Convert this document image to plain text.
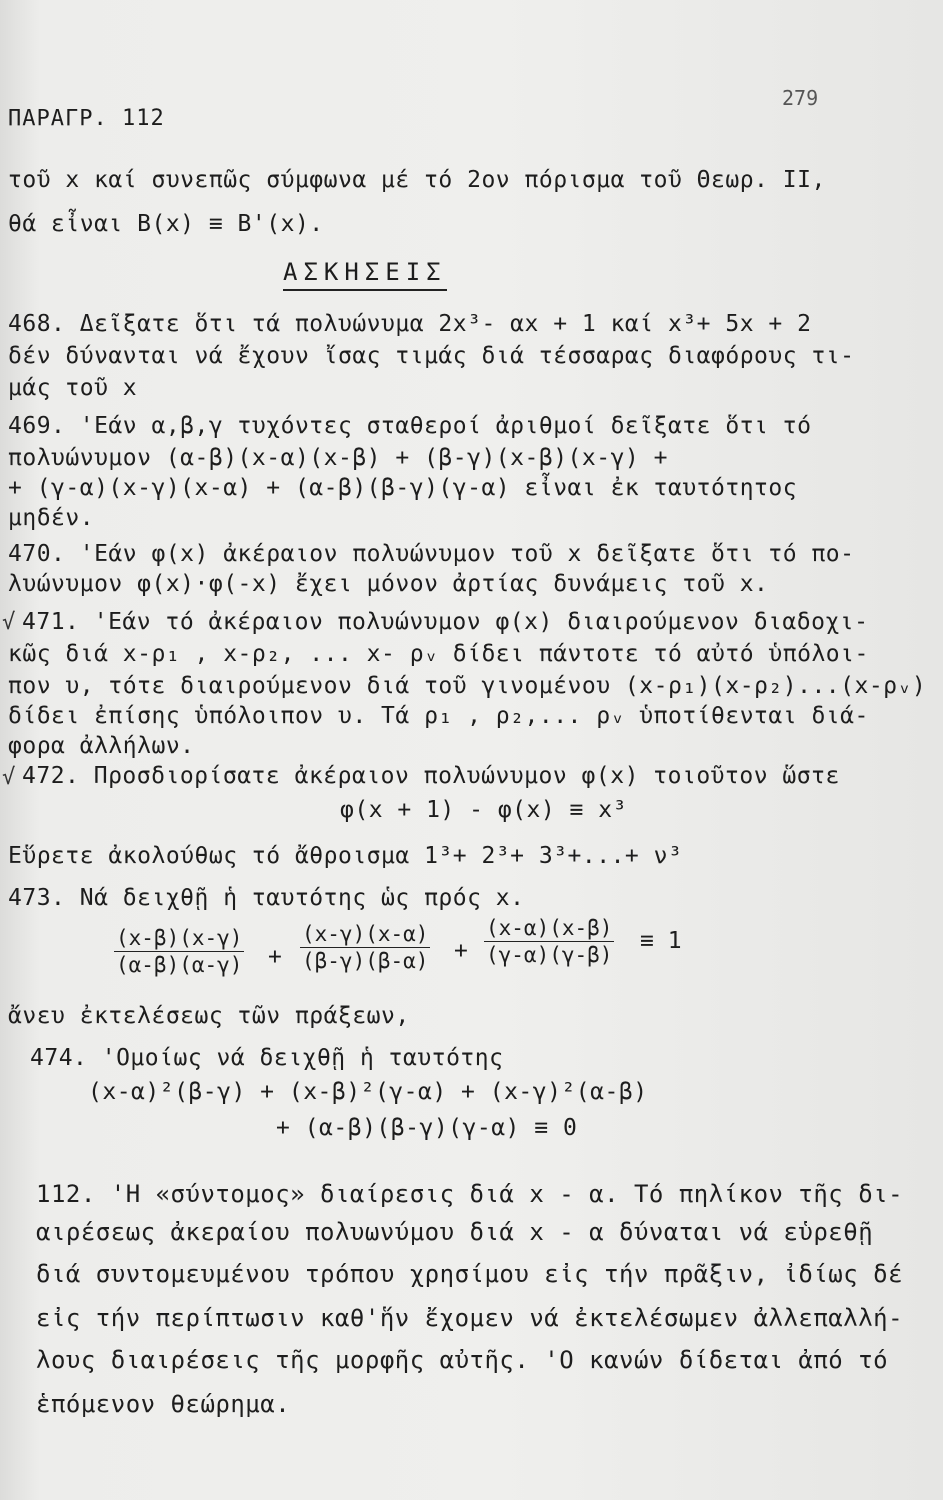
ΠΑΡΑΓΡ. 112
279
τοῦ x καί συνεπῶς σύμφωνα μέ τό 2ον πόρισμα τοῦ Θεωρ. II,
θά εἶναι B(x) ≡ B'(x).
ΑΣΚΗΣΕΙΣ
468. Δεῖξατε ὅτι τά πολυώνυμα 2x³- αx + 1 καί x³+ 5x + 2
δέν δύνανται νά ἔχουν ἴσας τιμάς διά τέσσαρας διαφόρους τι-
μάς τοῦ x
469. 'Εάν α,β,γ τυχόντες σταθεροί ἀριθμοί δεῖξατε ὅτι τό
πολυώνυμον (α-β)(x-α)(x-β) + (β-γ)(x-β)(x-γ) +
+ (γ-α)(x-γ)(x-α) + (α-β)(β-γ)(γ-α) εἶναι ἐκ ταυτότητος
μηδέν.
470. 'Εάν φ(x) ἀκέραιον πολυώνυμον τοῦ x δεῖξατε ὅτι τό πο-
λυώνυμον φ(x)·φ(-x) ἔχει μόνον ἀρτίας δυνάμεις τοῦ x.
√ 471. 'Εάν τό ἀκέραιον πολυώνυμον φ(x) διαιρούμενον διαδοχι-
κῶς διά x-ρ₁ , x-ρ₂, ... x- ρᵥ δίδει πάντοτε τό αὐτό ὑπόλοι-
πον υ, τότε διαιρούμενον διά τοῦ γινομένου (x-ρ₁)(x-ρ₂)...(x-ρᵥ)
δίδει ἐπίσης ὑπόλοιπον υ. Τά ρ₁ , ρ₂,... ρᵥ ὑποτίθενται διά-
φορα ἀλλήλων.
√ 472. Προσδιορίσατε ἀκέραιον πολυώνυμον φ(x) τοιοῦτον ὥστε
φ(x + 1) - φ(x) ≡ x³
Εὕρετε ἀκολούθως τό ἄθροισμα 1³+ 2³+ 3³+...+ ν³
473. Νά δειχθῇ ἡ ταυτότης ὡς πρός x.
$\frac{(x-\beta)(x-\gamma)}{(\alpha-\beta)(\alpha-\gamma)} + \frac{(x-\gamma)(x-\alpha)}{(\beta-\gamma)(\beta-\alpha)} + \frac{(x-\alpha)(x-\beta)}{(\gamma-\alpha)(\gamma-\beta)} \equiv 1$
ἄνευ ἐκτελέσεως τῶν πράξεων,
474. 'Ομοίως νά δειχθῇ ἡ ταυτότης
(x-α)²(β-γ) + (x-β)²(γ-α) + (x-γ)²(α-β)
+ (α-β)(β-γ)(γ-α) ≡ 0
112. 'Η «σύντομος» διαίρεσις διά x - α. Τό πηλίκον τῆς δι-
αιρέσεως ἀκεραίου πολυωνύμου διά x - α δύναται νά εὑρεθῇ
διά συντομευμένου τρόπου χρησίμου εἰς τήν πρᾶξιν, ἰδίως δέ
εἰς τήν περίπτωσιν καθ'ἥν ἔχομεν νά ἐκτελέσωμεν ἀλλεπαλλή-
λους διαιρέσεις τῆς μορφῆς αὐτῆς. 'Ο κανών δίδεται ἀπό τό
ἑπόμενον θεώρημα.
